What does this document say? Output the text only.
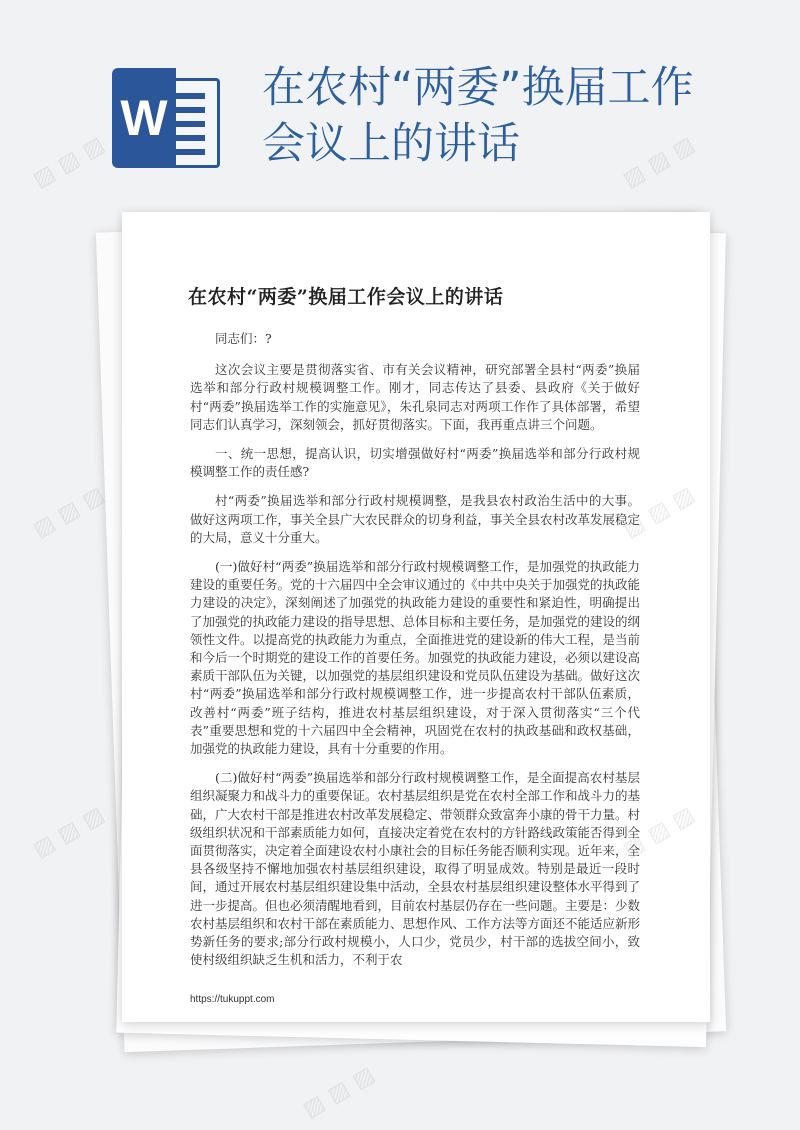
W
在农村“两委”换届工作会议上的讲话
在农村“两委”换届工作会议上的讲话

同志们：?

这次会议主要是贯彻落实省、市有关会议精神，研究部署全县村“两委”换届选举和部分行政村规模调整工作。刚才，同志传达了县委、县政府《关于做好村“两委”换届选举工作的实施意见》，朱孔泉同志对两项工作作了具体部署，希望同志们认真学习，深刻领会，抓好贯彻落实。下面，我再重点讲三个问题。

一、统一思想，提高认识，切实增强做好村“两委”换届选举和部分行政村规模调整工作的责任感?

村“两委”换届选举和部分行政村规模调整，是我县农村政治生活中的大事。做好这两项工作，事关全县广大农民群众的切身利益，事关全县农村改革发展稳定的大局，意义十分重大。

(一)做好村“两委”换届选举和部分行政村规模调整工作，是加强党的执政能力建设的重要任务。党的十六届四中全会审议通过的《中共中央关于加强党的执政能力建设的决定》，深刻阐述了加强党的执政能力建设的重要性和紧迫性，明确提出了加强党的执政能力建设的指导思想、总体目标和主要任务，是加强党的建设的纲领性文件。以提高党的执政能力为重点，全面推进党的建设新的伟大工程，是当前和今后一个时期党的建设工作的首要任务。加强党的执政能力建设，必须以建设高素质干部队伍为关键，以加强党的基层组织建设和党员队伍建设为基础。做好这次村“两委”换届选举和部分行政村规模调整工作，进一步提高农村干部队伍素质，改善村“两委”班子结构，推进农村基层组织建设，对于深入贯彻落实“三个代表”重要思想和党的十六届四中全会精神，巩固党在农村的执政基础和政权基础，加强党的执政能力建设，具有十分重要的作用。

(二)做好村“两委”换届选举和部分行政村规模调整工作，是全面提高农村基层组织凝聚力和战斗力的重要保证。农村基层组织是党在农村全部工作和战斗力的基础，广大农村干部是推进农村改革发展稳定、带领群众致富奔小康的骨干力量。村级组织状况和干部素质能力如何，直接决定着党在农村的方针路线政策能否得到全面贯彻落实，决定着全面建设农村小康社会的目标任务能否顺利实现。近年来，全县各级坚持不懈地加强农村基层组织建设，取得了明显成效。特别是最近一段时间，通过开展农村基层组织建设集中活动，全县农村基层组织建设整体水平得到了进一步提高。但也必须清醒地看到，目前农村基层仍存在一些问题。主要是：少数农村基层组织和农村干部在素质能力、思想作风、工作方法等方面还不能适应新形势新任务的要求;部分行政村规模小，人口少，党员少，村干部的选拔空间小，致使村级组织缺乏生机和活力，不利于农

https://tukuppt.com
▨ ▨ ▨	▨ ▨ ▨
▨ ▨ ▨
▨ ▨ ▨
▨ ▨ ▨
